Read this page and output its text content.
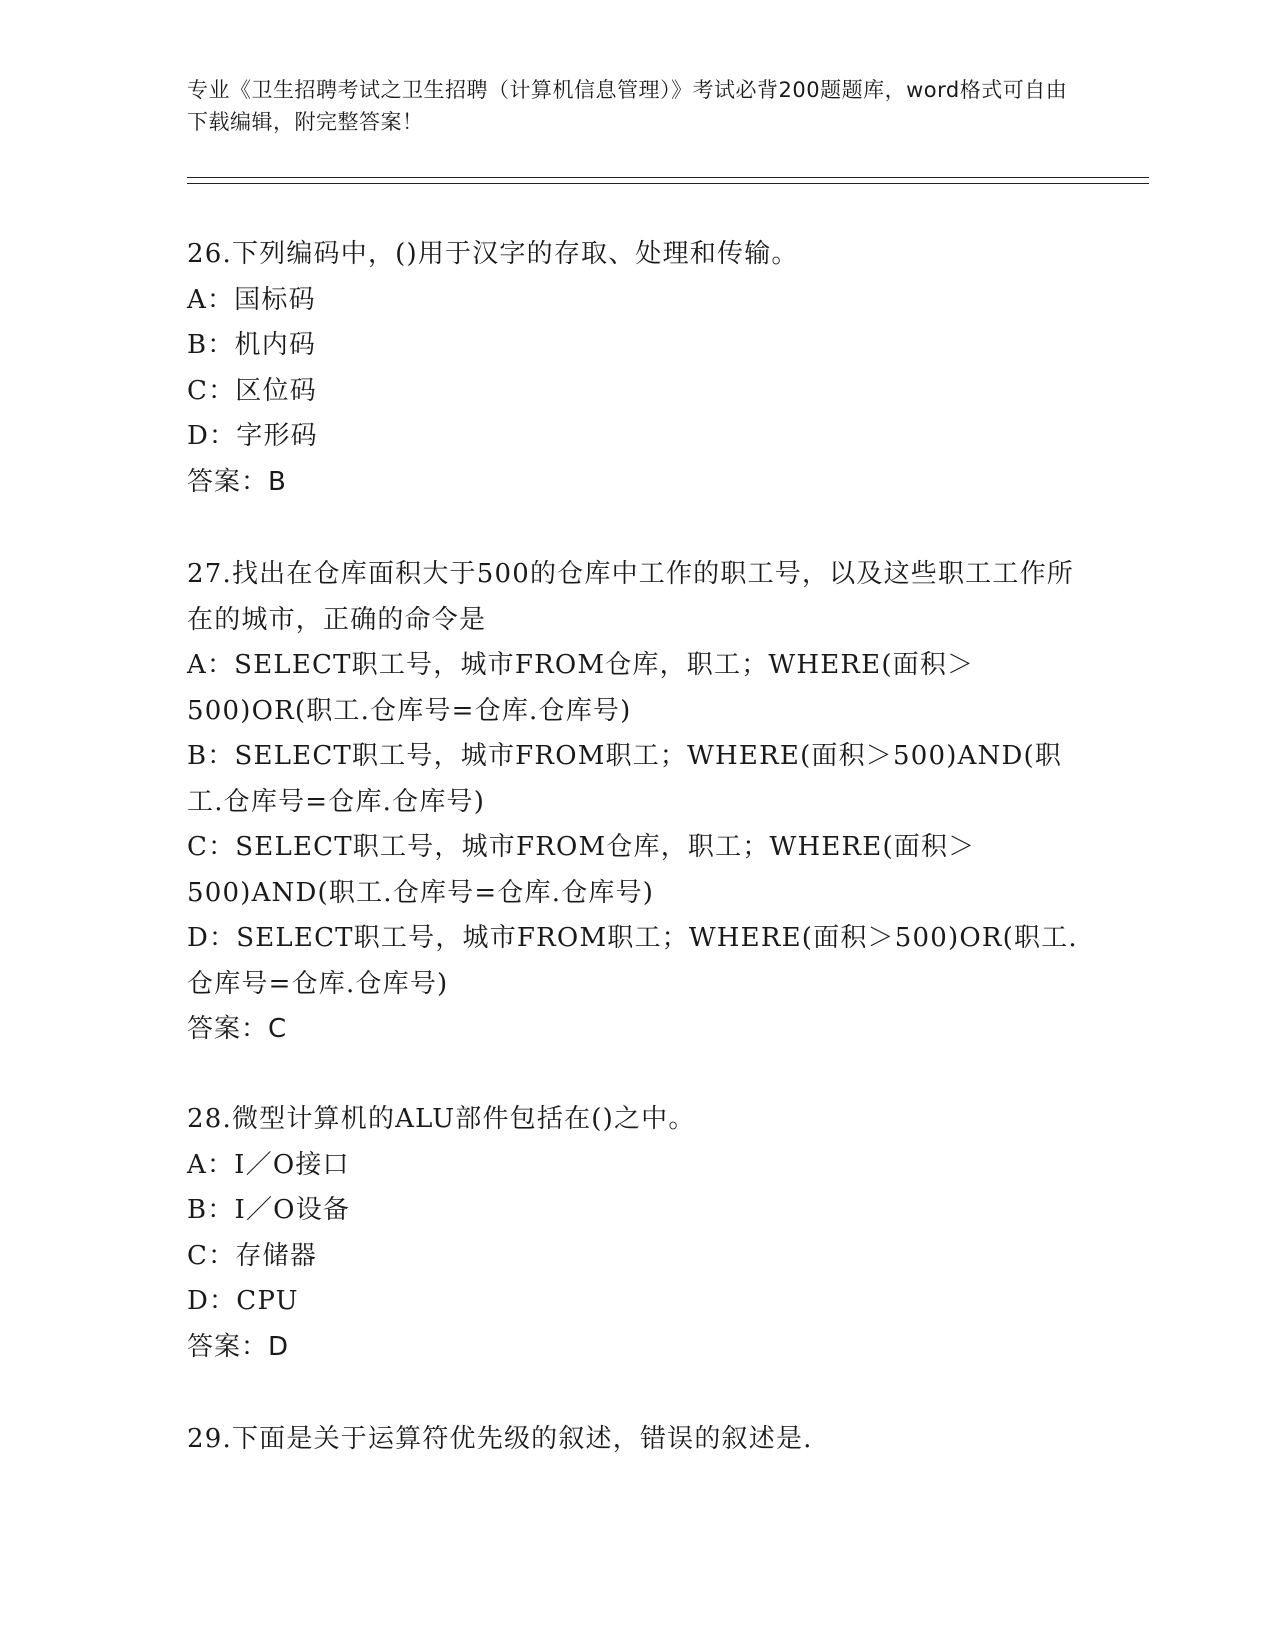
专业《卫生招聘考试之卫生招聘（计算机信息管理）》考试必背200题题库，word格式可自由下载编辑，附完整答案！

26.下列编码中，()用于汉字的存取、处理和传输。

A：国标码

B：机内码

C：区位码

D：字形码

答案：B

27.找出在仓库面积大于500的仓库中工作的职工号，以及这些职工工作所在的城市，正确的命令是

A：SELECT职工号，城市FROM仓库，职工；WHERE(面积＞500)OR(职工.仓库号=仓库.仓库号)

B：SELECT职工号，城市FROM职工；WHERE(面积＞500)AND(职工.仓库号=仓库.仓库号)

C：SELECT职工号，城市FROM仓库，职工；WHERE(面积＞500)AND(职工.仓库号=仓库.仓库号)

D：SELECT职工号，城市FROM职工；WHERE(面积＞500)OR(职工.仓库号=仓库.仓库号)

答案：C

28.微型计算机的ALU部件包括在()之中。

A：I／O接口

B：I／O设备

C：存储器

D：CPU

答案：D

29.下面是关于运算符优先级的叙述，错误的叙述是.
